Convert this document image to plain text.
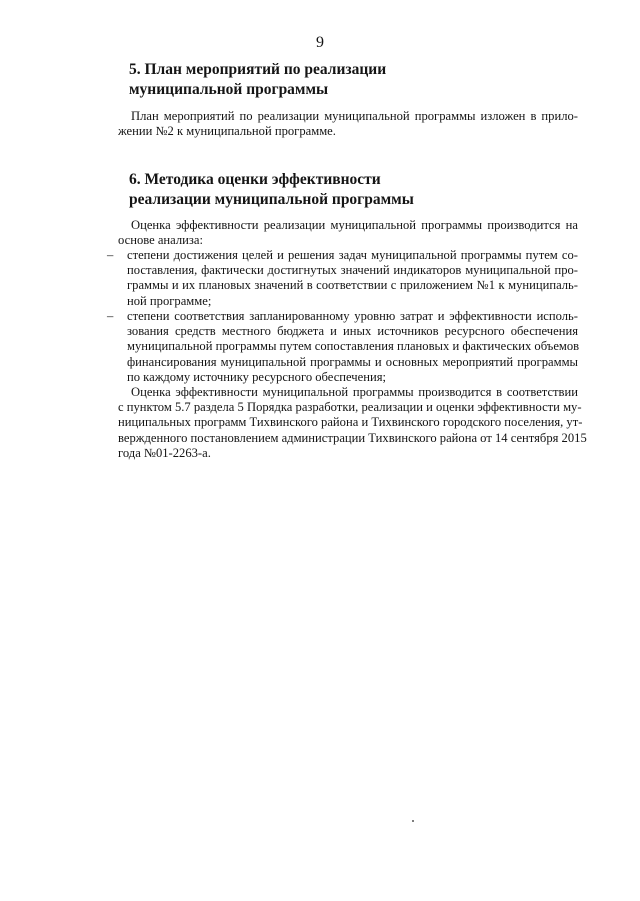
9
5. План мероприятий по реализации
муниципальной программы
План мероприятий по реализации муниципальной программы изложен в прило-
жении №2 к муниципальной программе.
6. Методика оценки эффективности
реализации муниципальной программы
Оценка эффективности реализации муниципальной программы производится на
основе анализа:
– степени достижения целей и решения задач муниципальной программы путем со-
поставления, фактически достигнутых значений индикаторов муниципальной про-
граммы и их плановых значений в соответствии с приложением №1 к муниципаль-
ной программе;
– степени соответствия запланированному уровню затрат и эффективности исполь-
зования средств местного бюджета и иных источников ресурсного обеспечения
муниципальной программы путем сопоставления плановых и фактических объемов
финансирования муниципальной программы и основных мероприятий программы
по каждому источнику ресурсного обеспечения;
Оценка эффективности муниципальной программы производится в соответствии
с пунктом 5.7 раздела 5 Порядка разработки, реализации и оценки эффективности му-
ниципальных программ Тихвинского района и Тихвинского городского поселения, ут-
вержденного постановлением администрации Тихвинского района от 14 сентября 2015
года №01-2263-а.
